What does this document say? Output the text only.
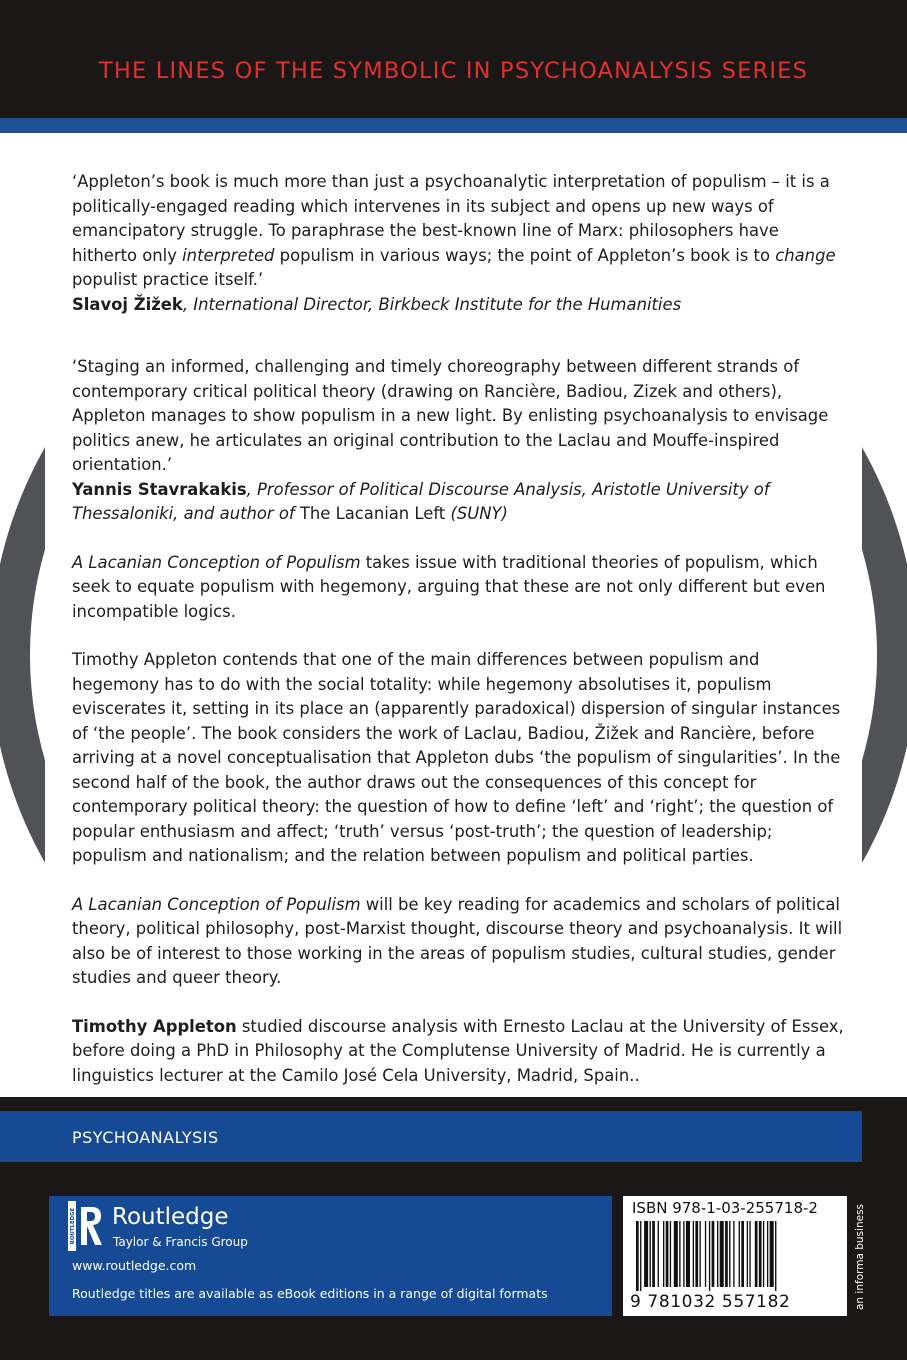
THE LINES OF THE SYMBOLIC IN PSYCHOANALYSIS SERIES

‘Appleton’s book is much more than just a psychoanalytic interpretation of populism – it is a politically-engaged reading which intervenes in its subject and opens up new ways of emancipatory struggle. To paraphrase the best-known line of Marx: philosophers have hitherto only interpreted populism in various ways; the point of Appleton’s book is to change populist practice itself.’

Slavoj Žižek, International Director, Birkbeck Institute for the Humanities

‘Staging an informed, challenging and timely choreography between different strands of contemporary critical political theory (drawing on Rancière, Badiou, Zizek and others), Appleton manages to show populism in a new light. By enlisting psychoanalysis to envisage politics anew, he articulates an original contribution to the Laclau and Mouffe-inspired orientation.’

Yannis Stavrakakis, Professor of Political Discourse Analysis, Aristotle University of Thessaloniki, and author of The Lacanian Left (SUNY)

A Lacanian Conception of Populism takes issue with traditional theories of populism, which seek to equate populism with hegemony, arguing that these are not only different but even incompatible logics.

Timothy Appleton contends that one of the main differences between populism and hegemony has to do with the social totality: while hegemony absolutises it, populism eviscerates it, setting in its place an (apparently paradoxical) dispersion of singular instances of ‘the people’. The book considers the work of Laclau, Badiou, Žižek and Rancière, before arriving at a novel conceptualisation that Appleton dubs ‘the populism of singularities’. In the second half of the book, the author draws out the consequences of this concept for contemporary political theory: the question of how to define ‘left’ and ‘right’; the question of popular enthusiasm and affect; ‘truth’ versus ‘post-truth’; the question of leadership; populism and nationalism; and the relation between populism and political parties.

A Lacanian Conception of Populism will be key reading for academics and scholars of political theory, political philosophy, post-Marxist thought, discourse theory and psychoanalysis. It will also be of interest to those working in the areas of populism studies, cultural studies, gender studies and queer theory.

Timothy Appleton studied discourse analysis with Ernesto Laclau at the University of Essex, before doing a PhD in Philosophy at the Complutense University of Madrid. He is currently a linguistics lecturer at the Camilo José Cela University, Madrid, Spain..

PSYCHOANALYSIS
ROUTLEDGE Routledge
Taylor & Francis Group
www.routledge.com
Routledge titles are available as eBook editions in a range of digital formats
ISBN 978-1-03-255718-2
9 781032 557182	an informa business
